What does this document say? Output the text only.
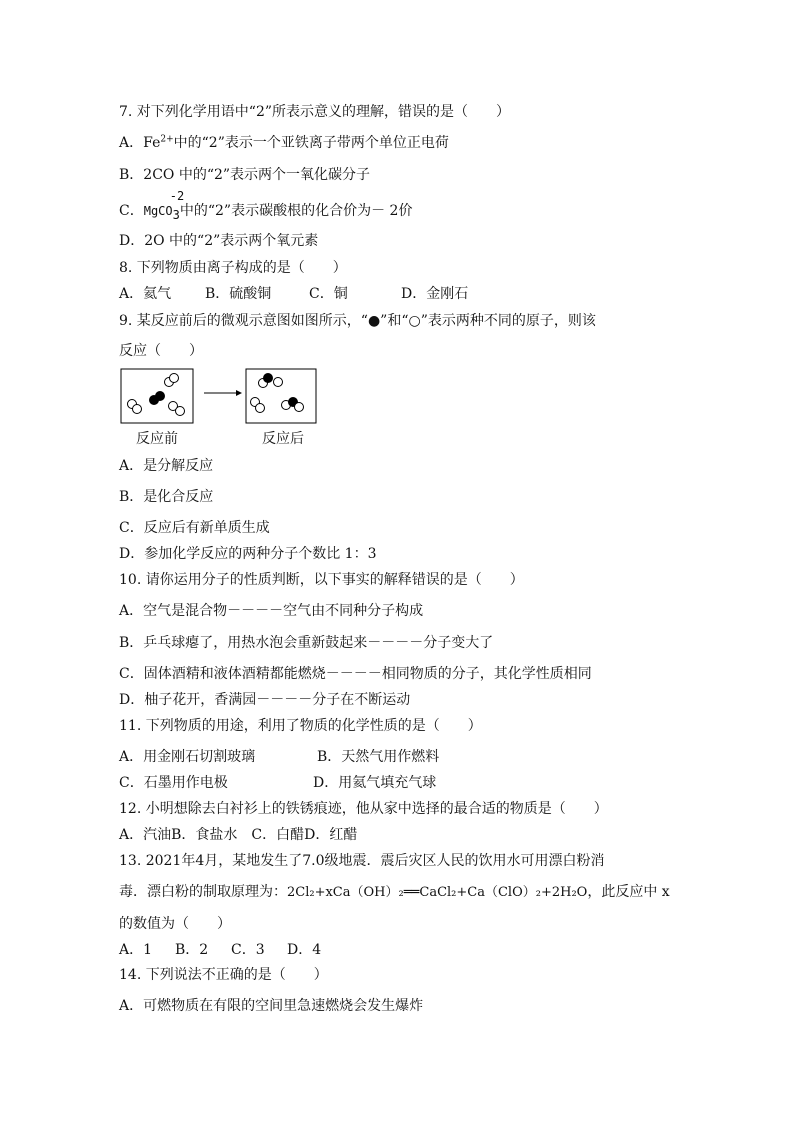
7. 对下列化学用语中“2”所表示意义的理解，错误的是（　　）
A．$Fe^{2+}$中的“2”表示一个亚铁离子带两个单位正电荷
B．2CO 中的“2”表示两个一氧化碳分子
C．
-2
MgCO$_3$中的“2”表示碳酸根的化合价为－ 2价
D．2O 中的“2”表示两个氧元素
8. 下列物质由离子构成的是（　　）
A．氦气 B．硫酸铜	C．铜	D．金刚石
9. 某反应前后的微观示意图如图所示，“●”和“○”表示两种不同的原子，则该
反应（　　）
反应前	反应后
A．是分解反应
B．是化合反应
C．反应后有新单质生成
D．参加化学反应的两种分子个数比 1：3
10. 请你运用分子的性质判断，以下事实的解释错误的是（　　）
A．空气是混合物－－－－空气由不同种分子构成
B．乒乓球瘪了，用热水泡会重新鼓起来－－－－分子变大了
C．固体酒精和液体酒精都能燃烧－－－－相同物质的分子，其化学性质相同
D．柚子花开，香满园－－－－分子在不断运动
11. 下列物质的用途，利用了物质的化学性质的是（　　）
A．用金刚石切割玻璃	B．天然气用作燃料
C．石墨用作电极	D．用氦气填充气球
12. 小明想除去白衬衫上的铁锈痕迹，他从家中选择的最合适的物质是（　　）
A．汽油B．食盐水　C．白醋D．红醋
13. 2021年4月，某地发生了7.0级地震．震后灾区人民的饮用水可用漂白粉消
毒．漂白粉的制取原理为：2Cl₂+xCa（OH）₂══CaCl₂+Ca（ClO）₂+2H₂O，此反应中 x
的数值为（　　）
A．1 B．2 C．3 D．4
14. 下列说法不正确的是（　　）
A．可燃物质在有限的空间里急速燃烧会发生爆炸
